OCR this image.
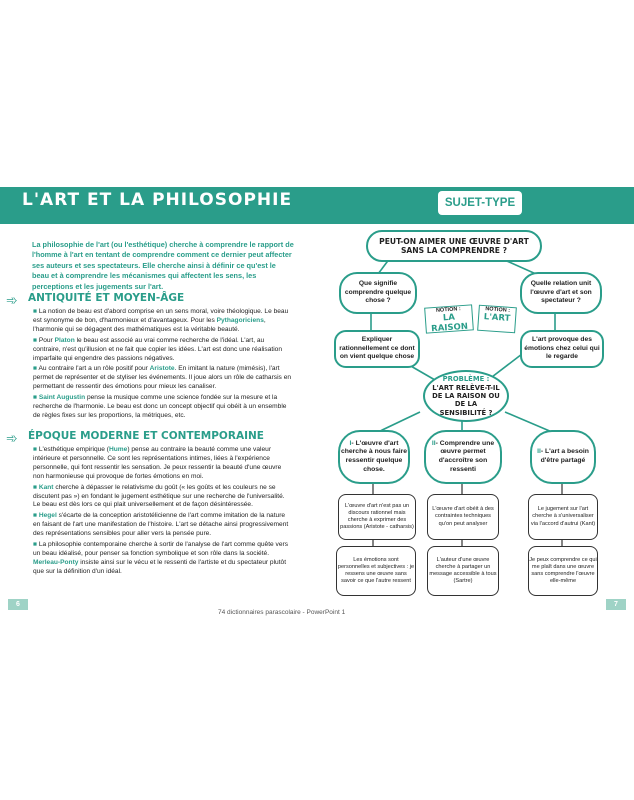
L'ART ET LA PHILOSOPHIE	SUJET-TYPE
La philosophie de l'art (ou l'esthétique) cherche à comprendre le rapport de l'homme à l'art en tentant de comprendre comment ce dernier peut affecter ses auteurs et ses spectateurs. Elle cherche ainsi à définir ce qu'est le beau et à comprendre les mécanismes qui affectent les sens, les perceptions et les jugements sur l'art.
➾ ANTIQUITÉ ET MOYEN-ÂGE

■ La notion de beau est d'abord comprise en un sens moral, voire théologique. Le beau est synonyme de bon, d'harmonieux et d'avantageux. Pour les Pythagoriciens, l'harmonie qui se dégagent des mathématiques est la véritable beauté.

■ Pour Platon le beau est associé au vrai comme recherche de l'idéal. L'art, au contraire, n'est qu'illusion et ne fait que copier les idées. L'art est donc une réalisation imparfaite qui engendre des passions négatives.

■ Au contraire l'art a un rôle positif pour Aristote. En imitant la nature (mimésis), l'art permet de représenter et de styliser les événements. Il joue alors un rôle de catharsis en permettant de ressentir des émotions pour mieux les canaliser.

■ Saint Augustin pense la musique comme une science fondée sur la mesure et la recherche de l'harmonie. Le beau est donc un concept objectif qui obéit à un ensemble de règles fixes sur les proportions, la métriques, etc.

➾ ÉPOQUE MODERNE ET CONTEMPORAINE

■ L'esthétique empirique (Hume) pense au contraire la beauté comme une valeur intérieure et personnelle. Ce sont les représentations intimes, liées à l'expérience personnelle, qui font ressentir les sensation. Je peux ressentir la beauté d'une œuvre non harmonieuse qui provoque de fortes émotions en moi.

■ Kant cherche à dépasser le relativisme du goût (« les goûts et les couleurs ne se discutent pas ») en fondant le jugement esthétique sur une recherche de l'universalité. Le beau est dès lors ce qui plait universellement et de façon désintéressée.

■ Hegel s'écarte de la conception aristotélicienne de l'art comme imitation de la nature en faisant de l'art une manifestation de l'histoire. L'art se détache ainsi progressivement des représentations sensibles pour aller vers la pensée pure.

■ La philosophie contemporaine cherche à sortir de l'analyse de l'art comme quête vers un beau idéalisé, pour penser sa fonction symbolique et son rôle dans la société. Merleau-Ponty insiste ainsi sur le vécu et le ressenti de l'artiste et du spectateur plutôt que sur la définition d'un idéal.

PEUT-ON AIMER UNE ŒUVRE D'ART SANS LA COMPRENDRE ?
Que signifie comprendre quelque chose ?
Quelle relation unit l'œuvre d'art et son spectateur ?
NOTION :
LA RAISON
NOTION :
L'ART
Expliquer rationnellement ce dont on vient quelque chose
L'art provoque des émotions chez celui qui le regarde
PROBLÈME :
L'ART RELÈVE-T-IL DE LA RAISON OU DE LA SENSIBILITÉ ?
I- L'œuvre d'art cherche à nous faire ressentir quelque chose.
II- Comprendre une œuvre permet d'accroître son ressenti
II- L'art a besoin d'être partagé
L'œuvre d'art n'est pas un discours rationnel mais cherche à exprimer des passions (Aristote - catharsis)
L'œuvre d'art obéit à des contraintes techniques qu'on peut analyser
Le jugement sur l'art cherche à s'universaliser via l'accord d'autrui (Kant)
Les émotions sont personnelles et subjectives : je ressens une œuvre sans savoir ce que l'autre ressent
L'auteur d'une œuvre cherche à partager un message accessible à tous (Sartre)
Je peux comprendre ce qui me plaît dans une œuvre sans comprendre l'œuvre elle-même
6	7
74 dictionnaires parascolaire - PowerPoint 1
